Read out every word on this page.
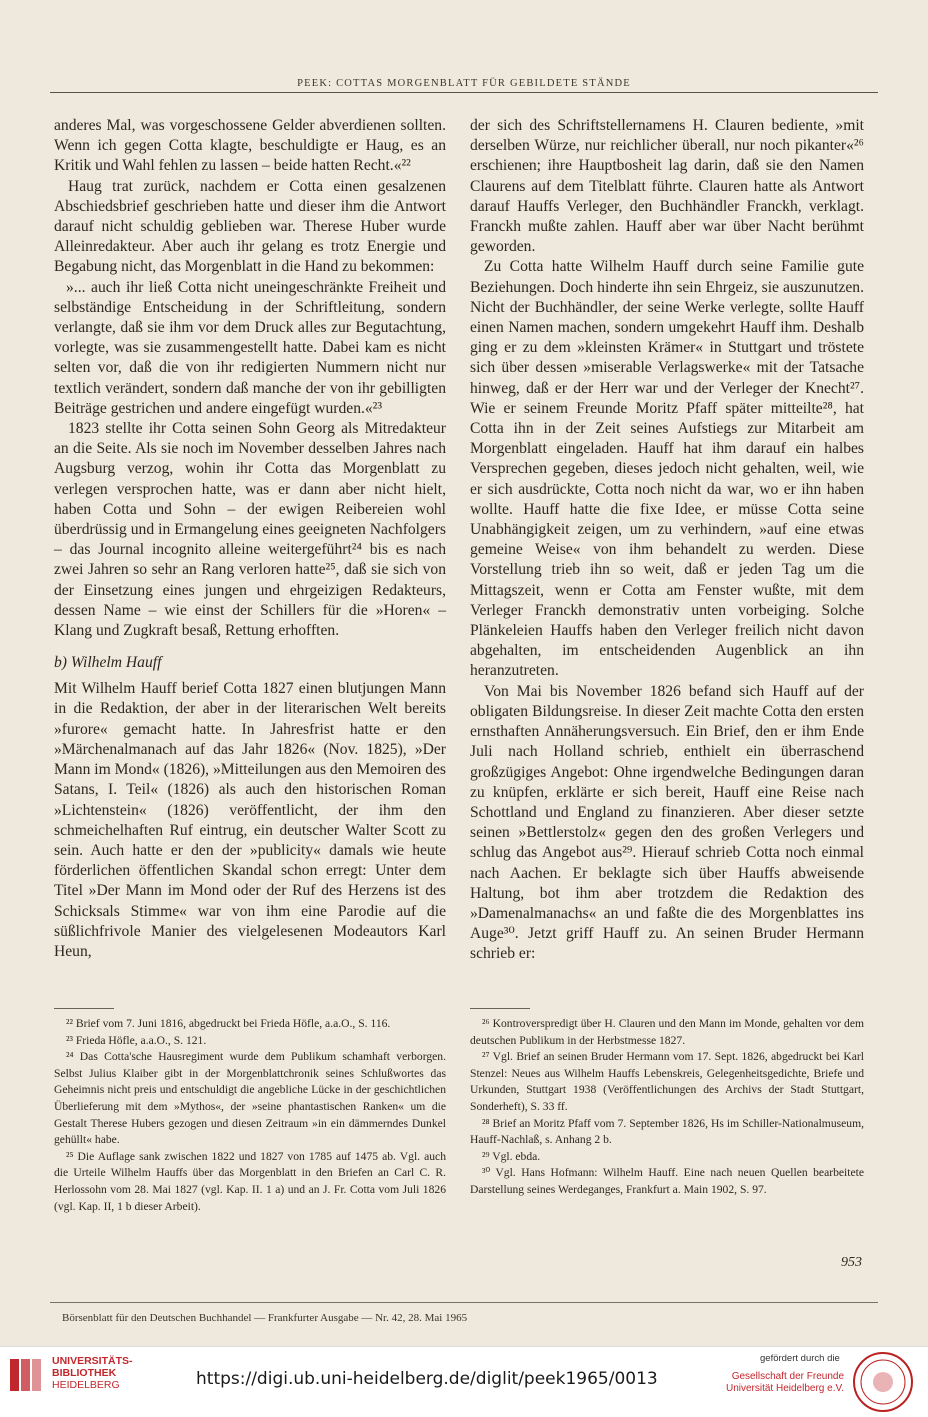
PEEK: COTTAS MORGENBLATT FÜR GEBILDETE STÄNDE

anderes Mal, was vorgeschossene Gelder abverdienen sollten. Wenn ich gegen Cotta klagte, beschuldigte er Haug, es an Kritik und Wahl fehlen zu lassen – beide hatten Recht.«²²

Haug trat zurück, nachdem er Cotta einen gesalzenen Abschiedsbrief geschrieben hatte und dieser ihm die Antwort darauf nicht schuldig geblieben war. Therese Huber wurde Alleinredakteur. Aber auch ihr gelang es trotz Energie und Begabung nicht, das Morgenblatt in die Hand zu bekommen:

»... auch ihr ließ Cotta nicht uneingeschränkte Freiheit und selbständige Entscheidung in der Schriftleitung, sondern verlangte, daß sie ihm vor dem Druck alles zur Begutachtung, vorlegte, was sie zusammengestellt hatte. Dabei kam es nicht selten vor, daß die von ihr redigierten Nummern nicht nur textlich verändert, sondern daß manche der von ihr gebilligten Beiträge gestrichen und andere eingefügt wurden.«²³

1823 stellte ihr Cotta seinen Sohn Georg als Mitredakteur an die Seite. Als sie noch im November desselben Jahres nach Augsburg verzog, wohin ihr Cotta das Morgenblatt zu verlegen versprochen hatte, was er dann aber nicht hielt, haben Cotta und Sohn – der ewigen Reibereien wohl überdrüssig und in Ermangelung eines geeigneten Nachfolgers – das Journal incognito alleine weitergeführt²⁴ bis es nach zwei Jahren so sehr an Rang verloren hatte²⁵, daß sie sich von der Einsetzung eines jungen und ehrgeizigen Redakteurs, dessen Name – wie einst der Schillers für die »Horen« – Klang und Zugkraft besaß, Rettung erhofften.

b) Wilhelm Hauff

Mit Wilhelm Hauff berief Cotta 1827 einen blutjungen Mann in die Redaktion, der aber in der literarischen Welt bereits »furore« gemacht hatte. In Jahresfrist hatte er den »Märchenalmanach auf das Jahr 1826« (Nov. 1825), »Der Mann im Mond« (1826), »Mitteilungen aus den Memoiren des Satans, I. Teil« (1826) als auch den historischen Roman »Lichtenstein« (1826) veröffentlicht, der ihm den schmeichelhaften Ruf eintrug, ein deutscher Walter Scott zu sein. Auch hatte er den der »publicity« damals wie heute förderlichen öffentlichen Skandal schon erregt: Unter dem Titel »Der Mann im Mond oder der Ruf des Herzens ist des Schicksals Stimme« war von ihm eine Parodie auf die süßlichfrivole Manier des vielgelesenen Modeautors Karl Heun,

der sich des Schriftstellernamens H. Clauren bediente, »mit derselben Würze, nur reichlicher überall, nur noch pikanter«²⁶ erschienen; ihre Hauptbosheit lag darin, daß sie den Namen Claurens auf dem Titelblatt führte. Clauren hatte als Antwort darauf Hauffs Verleger, den Buchhändler Franckh, verklagt. Franckh mußte zahlen. Hauff aber war über Nacht berühmt geworden.

Zu Cotta hatte Wilhelm Hauff durch seine Familie gute Beziehungen. Doch hinderte ihn sein Ehrgeiz, sie auszunutzen. Nicht der Buchhändler, der seine Werke verlegte, sollte Hauff einen Namen machen, sondern umgekehrt Hauff ihm. Deshalb ging er zu dem »kleinsten Krämer« in Stuttgart und tröstete sich über dessen »miserable Verlagswerke« mit der Tatsache hinweg, daß er der Herr war und der Verleger der Knecht²⁷. Wie er seinem Freunde Moritz Pfaff später mitteilte²⁸, hat Cotta ihn in der Zeit seines Aufstiegs zur Mitarbeit am Morgenblatt eingeladen. Hauff hat ihm darauf ein halbes Versprechen gegeben, dieses jedoch nicht gehalten, weil, wie er sich ausdrückte, Cotta noch nicht da war, wo er ihn haben wollte. Hauff hatte die fixe Idee, er müsse Cotta seine Unabhängigkeit zeigen, um zu verhindern, »auf eine etwas gemeine Weise« von ihm behandelt zu werden. Diese Vorstellung trieb ihn so weit, daß er jeden Tag um die Mittagszeit, wenn er Cotta am Fenster wußte, mit dem Verleger Franckh demonstrativ unten vorbeiging. Solche Plänkeleien Hauffs haben den Verleger freilich nicht davon abgehalten, im entscheidenden Augenblick an ihn heranzutreten.

Von Mai bis November 1826 befand sich Hauff auf der obligaten Bildungsreise. In dieser Zeit machte Cotta den ersten ernsthaften Annäherungsversuch. Ein Brief, den er ihm Ende Juli nach Holland schrieb, enthielt ein überraschend großzügiges Angebot: Ohne irgendwelche Bedingungen daran zu knüpfen, erklärte er sich bereit, Hauff eine Reise nach Schottland und England zu finanzieren. Aber dieser setzte seinen »Bettlerstolz« gegen den des großen Verlegers und schlug das Angebot aus²⁹. Hierauf schrieb Cotta noch einmal nach Aachen. Er beklagte sich über Hauffs abweisende Haltung, bot ihm aber trotzdem die Redaktion des »Damenalmanachs« an und faßte die des Morgenblattes ins Auge³⁰. Jetzt griff Hauff zu. An seinen Bruder Hermann schrieb er:

²² Brief vom 7. Juni 1816, abgedruckt bei Frieda Höfle, a.a.O., S. 116.

²³ Frieda Höfle, a.a.O., S. 121.

²⁴ Das Cotta'sche Hausregiment wurde dem Publikum schamhaft verborgen. Selbst Julius Klaiber gibt in der Morgenblattchronik seines Schlußwortes das Geheimnis nicht preis und entschuldigt die angebliche Lücke in der geschichtlichen Überlieferung mit dem »Mythos«, der »seine phantastischen Ranken« um die Gestalt Therese Hubers gezogen und diesen Zeitraum »in ein dämmerndes Dunkel gehüllt« habe.

²⁵ Die Auflage sank zwischen 1822 und 1827 von 1785 auf 1475 ab. Vgl. auch die Urteile Wilhelm Hauffs über das Morgenblatt in den Briefen an Carl C. R. Herlossohn vom 28. Mai 1827 (vgl. Kap. II. 1 a) und an J. Fr. Cotta vom Juli 1826 (vgl. Kap. II, 1 b dieser Arbeit).

²⁶ Kontroverspredigt über H. Clauren und den Mann im Monde, gehalten vor dem deutschen Publikum in der Herbstmesse 1827.

²⁷ Vgl. Brief an seinen Bruder Hermann vom 17. Sept. 1826, abgedruckt bei Karl Stenzel: Neues aus Wilhelm Hauffs Lebenskreis, Gelegenheitsgedichte, Briefe und Urkunden, Stuttgart 1938 (Veröffentlichungen des Archivs der Stadt Stuttgart, Sonderheft), S. 33 ff.

²⁸ Brief an Moritz Pfaff vom 7. September 1826, Hs im Schiller-Nationalmuseum, Hauff-Nachlaß, s. Anhang 2 b.

²⁹ Vgl. ebda.

³⁰ Vgl. Hans Hofmann: Wilhelm Hauff. Eine nach neuen Quellen bearbeitete Darstellung seines Werdeganges, Frankfurt a. Main 1902, S. 97.

953
Börsenblatt für den Deutschen Buchhandel — Frankfurter Ausgabe — Nr. 42, 28. Mai 1965
UNIVERSITÄTS-
BIBLIOTHEK
HEIDELBERG	https://digi.ub.uni-heidelberg.de/diglit/peek1965/0013
gefördert durch die
Gesellschaft der Freunde
Universität Heidelberg e.V.
